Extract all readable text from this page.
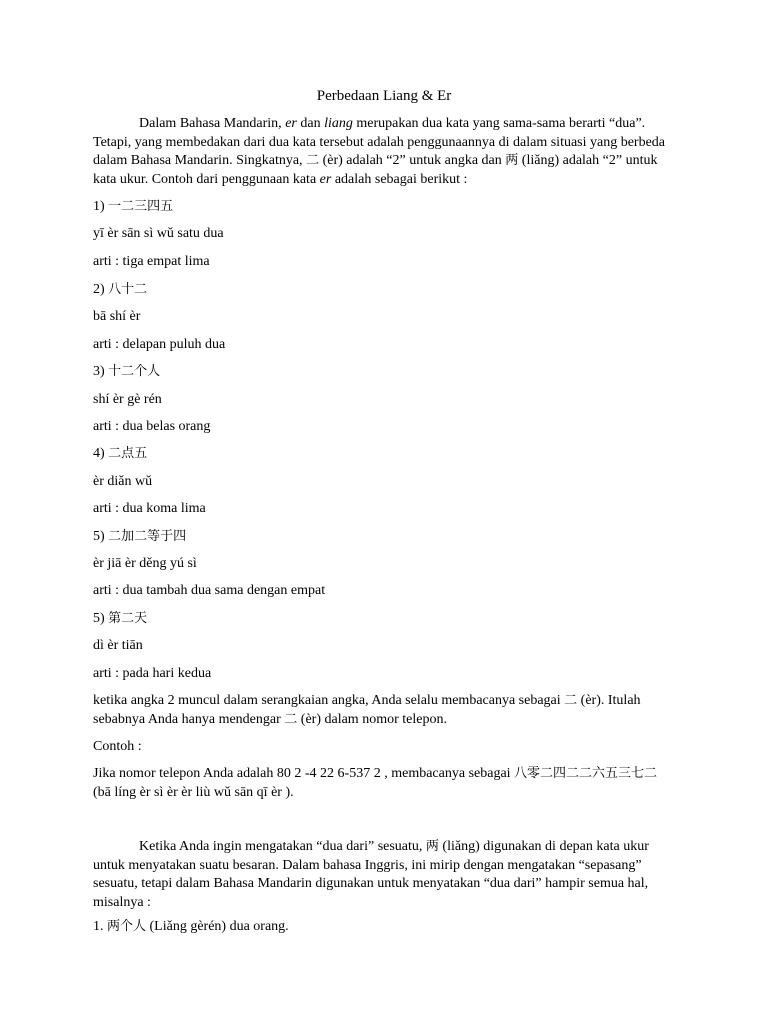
Perbedaan Liang & Er

Dalam Bahasa Mandarin, er dan liang merupakan dua kata yang sama-sama berarti “dua”. Tetapi, yang membedakan dari dua kata tersebut adalah penggunaannya di dalam situasi yang berbeda dalam Bahasa Mandarin. Singkatnya, 二 (èr) adalah “2” untuk angka dan 两 (liǎng) adalah “2” untuk kata ukur. Contoh dari penggunaan kata er adalah sebagai berikut :

1) 一二三四五
yī èr sān sì wǔ satu dua
arti : tiga empat lima
2) 八十二
bā shí èr
arti : delapan puluh dua
3) 十二个人
shí èr gè rén
arti : dua belas orang
4) 二点五
èr diǎn wǔ
arti : dua koma lima
5) 二加二等于四
èr jiā èr děng yú sì
arti : dua tambah dua sama dengan empat
5) 第二天
dì èr tiān
arti : pada hari kedua

ketika angka 2 muncul dalam serangkaian angka, Anda selalu membacanya sebagai 二 (èr). Itulah sebabnya Anda hanya mendengar 二 (èr) dalam nomor telepon.

Contoh :

Jika nomor telepon Anda adalah 80 2 -4 22 6-537 2 , membacanya sebagai 八零二四二二六五三七二 (bā líng èr sì èr èr liù wǔ sān qī èr ).

Ketika Anda ingin mengatakan “dua dari” sesuatu, 两 (liǎng) digunakan di depan kata ukur untuk menyatakan suatu besaran. Dalam bahasa Inggris, ini mirip dengan mengatakan “sepasang” sesuatu, tetapi dalam Bahasa Mandarin digunakan untuk menyatakan “dua dari” hampir semua hal, misalnya :

1. 两个人 (Liǎng gèrén) dua orang.
